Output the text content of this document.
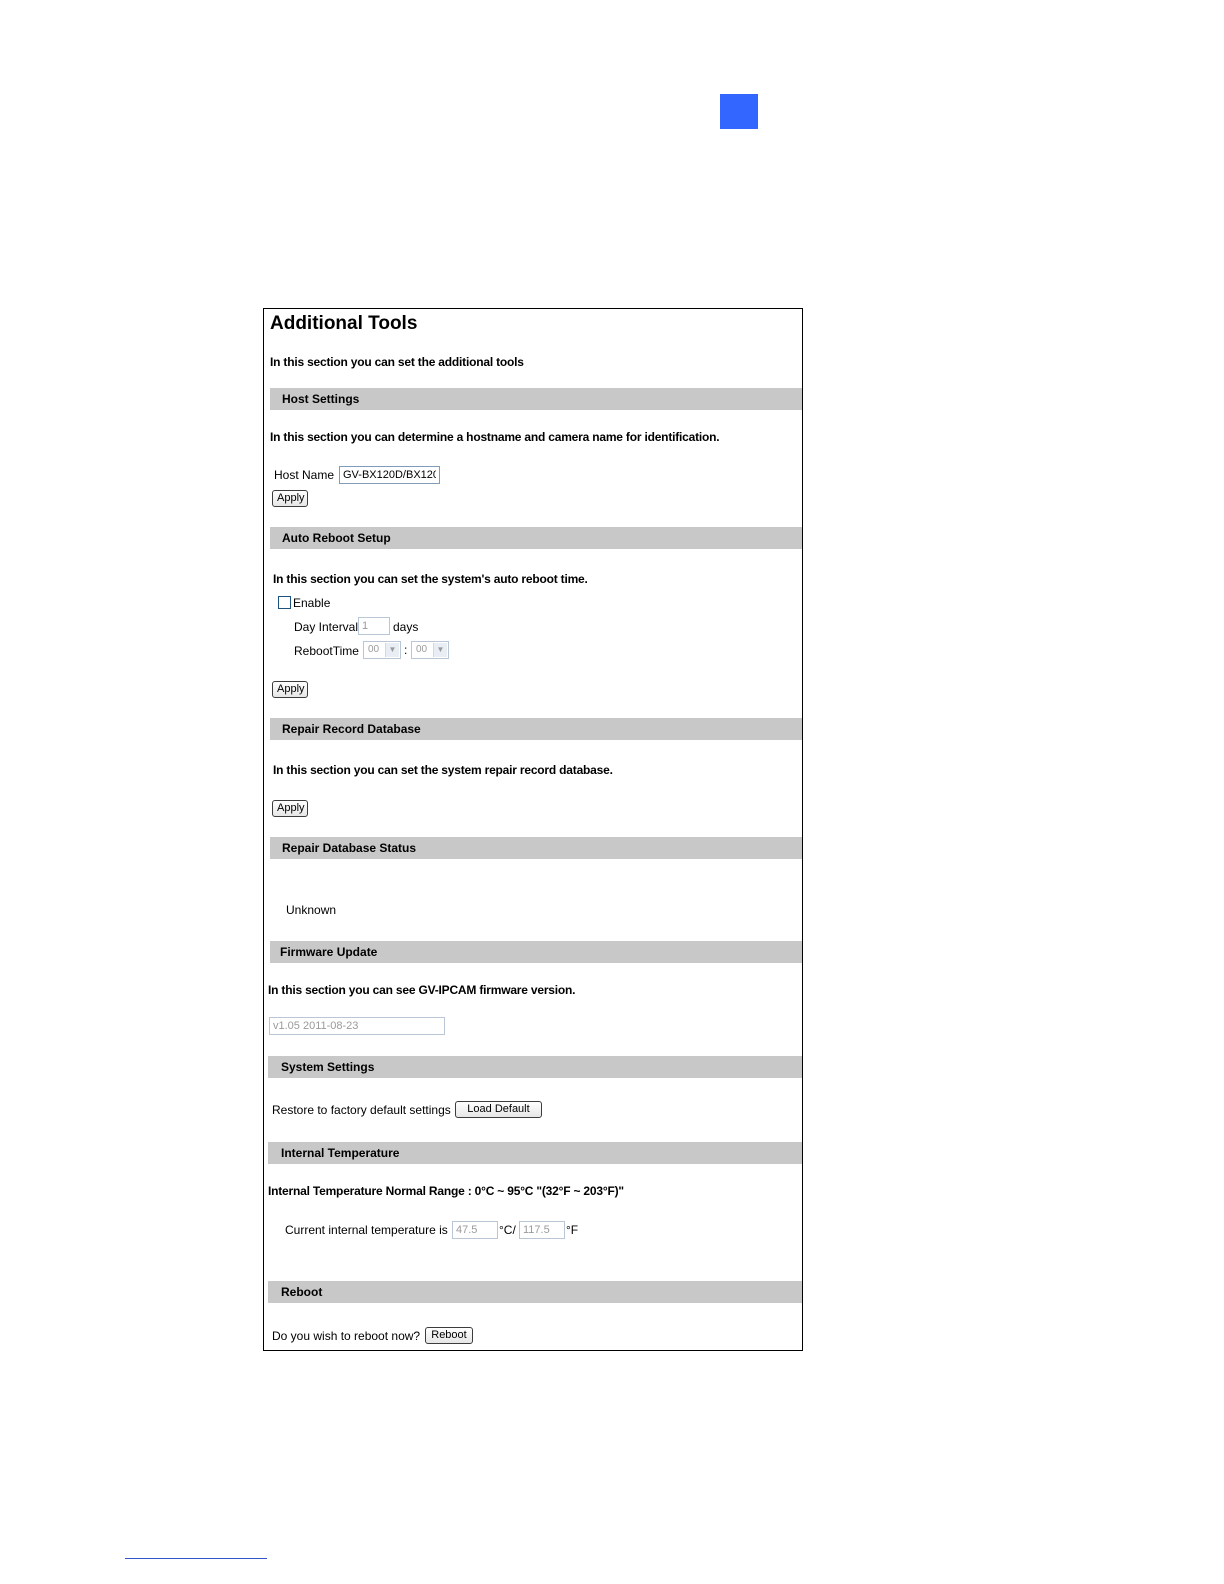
Additional Tools
In this section you can set the additional tools
Host Settings
In this section you can determine a hostname and camera name for identification.
Host Name
GV-BX120D/BX120
Apply
Auto Reboot Setup
In this section you can set the system's auto reboot time.
Enable
Day Interval
1	days
RebootTime 00	▼ : 00	▼
Apply
Repair Record Database
In this section you can set the system repair record database.
Apply
Repair Database Status
Unknown
Firmware Update
In this section you can see GV-IPCAM firmware version.
v1.05 2011-08-23
System Settings
Restore to factory default settings	Load Default
Internal Temperature
Internal Temperature Normal Range : 0°C ~ 95°C "(32°F ~ 203°F)"
Current internal temperature is
47.5	°C/
117.5	°F
Reboot
Do you wish to reboot now?	Reboot
